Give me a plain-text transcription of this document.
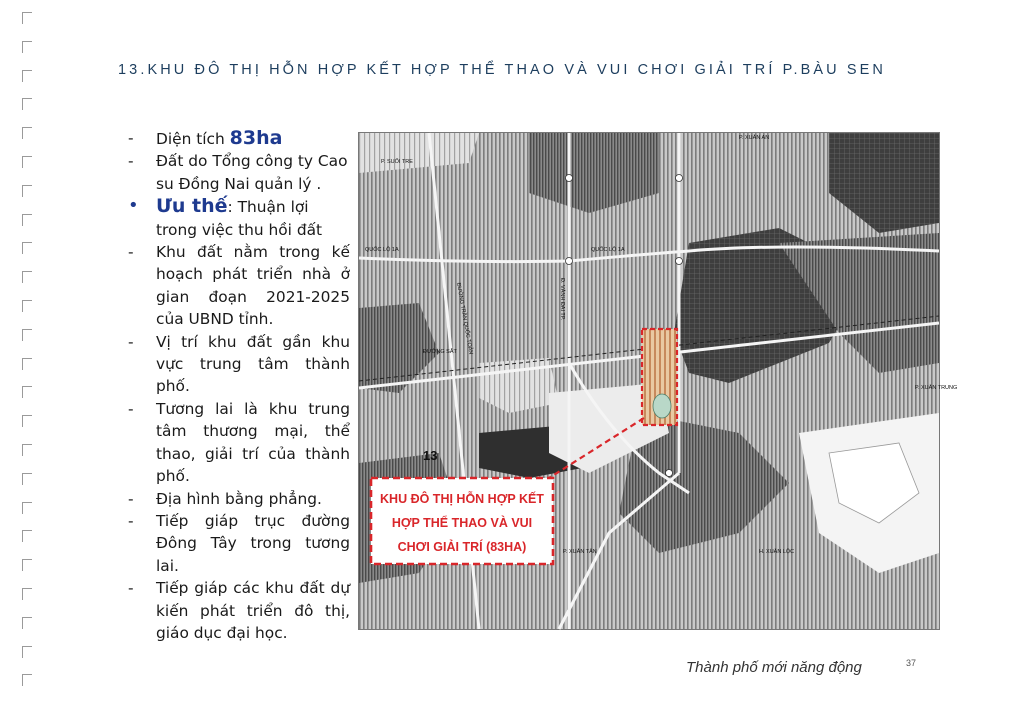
13.KHU ĐÔ THỊ HỖN HỢP KẾT HỢP THỂ THAO VÀ VUI CHƠI GIẢI TRÍ P.BÀU SEN
-	Diện tích 83ha
-	Đất do Tổng công ty Cao su Đồng Nai quản lý .
• Ưu thế: Thuận lợi trong việc thu hồi đất
-	Khu đất nằm trong kế hoạch phát triển nhà ở gian đoạn 2021-2025 của UBND tỉnh.
-	Vị trí khu đất gần khu vực trung tâm thành phố.
-	Tương lai là khu trung tâm thương mại, thể thao, giải trí của thành phố.
-	Địa hình bằng phẳng.
-	Tiếp giáp trục đường Đông Tây trong tương lai.
-	Tiếp giáp các khu đất dự kiến phát triển đô thị, giáo dục đại học.
P. SUỐI TRE
P. XUÂN AN
QUỐC LỘ 1A	QUỐC LỘ 1A
ĐƯỜNG SẮT
P. XUÂN TÂN	H. XUÂN LỘC
P. XUÂN TRUNG
ĐƯỜNG TRẦN QUỐC TOẢN	Đ. VÀNH ĐAI TP.
13
KHU ĐÔ THỊ HỖN HỢP KẾT
HỢP THỂ THAO VÀ VUI
CHƠI GIẢI TRÍ (83HA)
Thành phố mới năng động	37
